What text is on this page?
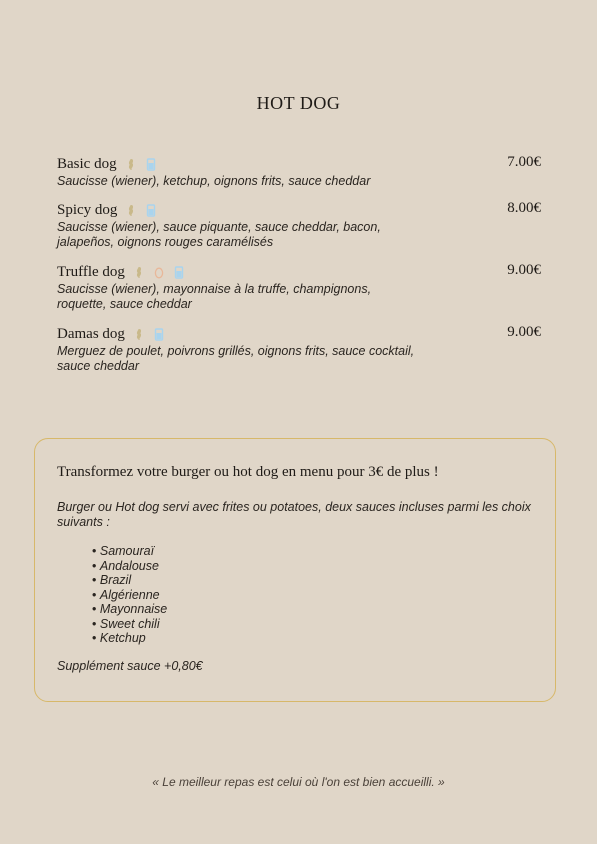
HOT DOG
Basic dog	7.00€
Saucisse (wiener), ketchup, oignons frits, sauce cheddar
Spicy dog	8.00€
Saucisse (wiener), sauce piquante, sauce cheddar, bacon, jalapeños, oignons rouges caramélisés
Truffle dog	9.00€
Saucisse (wiener), mayonnaise à la truffe, champignons, roquette, sauce cheddar
Damas dog	9.00€
Merguez de poulet, poivrons grillés, oignons frits, sauce cocktail, sauce cheddar
Transformez votre burger ou hot dog en menu pour 3€ de plus !
Burger ou Hot dog servi avec frites ou potatoes, deux sauces incluses parmi les choix suivants :
• Samouraï
• Andalouse
• Brazil
• Algérienne
• Mayonnaise
• Sweet chili
• Ketchup
Supplément sauce +0,80€
« Le meilleur repas est celui où l'on est bien accueilli. »
